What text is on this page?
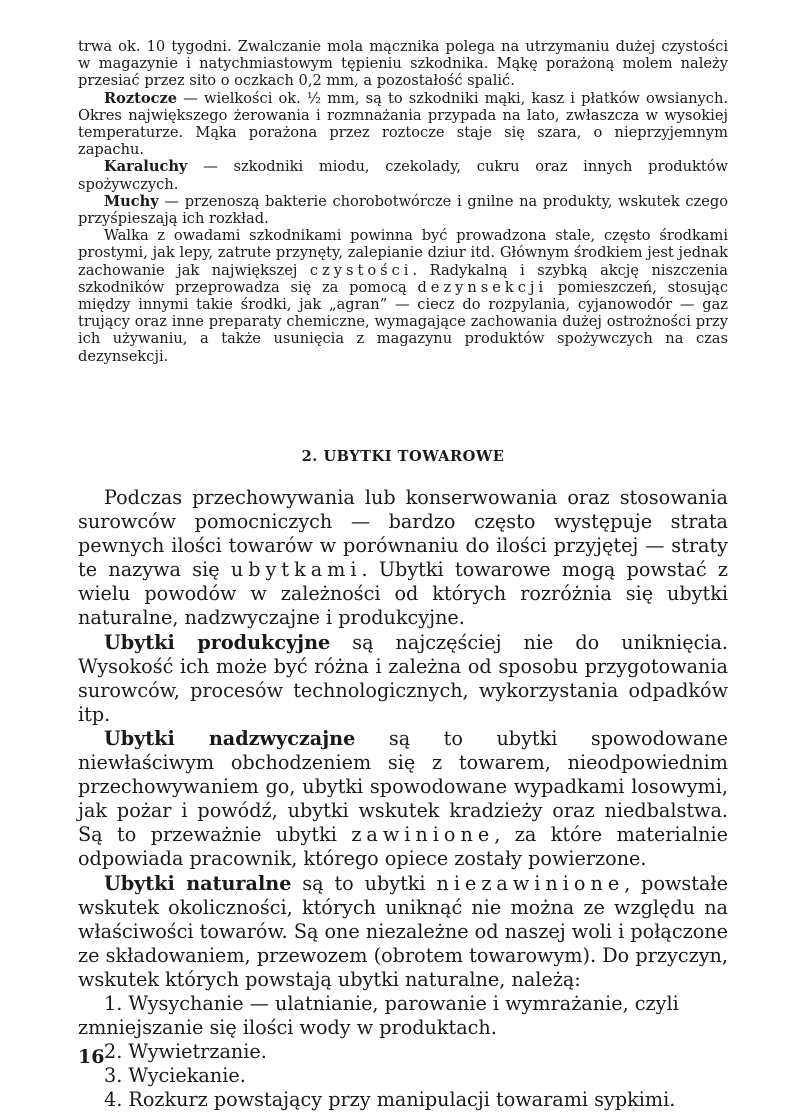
trwa ok. 10 tygodni. Zwalczanie mola mącznika polega na utrzymaniu dużej czystości w magazynie i natychmiastowym tępieniu szkodnika. Mąkę porażoną molem należy przesiać przez sito o oczkach 0,2 mm, a pozostałość spalić.

Roztocze — wielkości ok. ½ mm, są to szkodniki mąki, kasz i płatków owsianych. Okres największego żerowania i rozmnażania przypada na lato, zwłaszcza w wysokiej temperaturze. Mąka porażona przez roztocze staje się szara, o nieprzyjemnym zapachu.

Karaluchy — szkodniki miodu, czekolady, cukru oraz innych produktów spożywczych.

Muchy — przenoszą bakterie chorobotwórcze i gnilne na produkty, wskutek czego przyśpieszają ich rozkład.

Walka z owadami szkodnikami powinna być prowadzona stale, często środkami prostymi, jak lepy, zatrute przynęty, zalepianie dziur itd. Głównym środkiem jest jednak zachowanie jak największej czystości. Radykalną i szybką akcję niszczenia szkodników przeprowadza się za pomocą dezynsekcji pomieszczeń, stosując między innymi takie środki, jak „agran” — ciecz do rozpylania, cyjanowodór — gaz trujący oraz inne preparaty chemiczne, wymagające zachowania dużej ostrożności przy ich używaniu, a także usunięcia z magazynu produktów spożywczych na czas dezynsekcji.

2. UBYTKI TOWAROWE

Podczas przechowywania lub konserwowania oraz stosowania surowców pomocniczych — bardzo często występuje strata pewnych ilości towarów w porównaniu do ilości przyjętej — straty te nazywa się ubytkami. Ubytki towarowe mogą powstać z wielu powodów w zależności od których rozróżnia się ubytki naturalne, nadzwyczajne i produkcyjne.

Ubytki produkcyjne są najczęściej nie do uniknięcia. Wysokość ich może być różna i zależna od sposobu przygotowania surowców, procesów technologicznych, wykorzystania odpadków itp.

Ubytki nadzwyczajne są to ubytki spowodowane niewłaściwym obchodzeniem się z towarem, nieodpowiednim przechowywaniem go, ubytki spowodowane wypadkami losowymi, jak pożar i powódź, ubytki wskutek kradzieży oraz niedbalstwa. Są to przeważnie ubytki zawinione, za które materialnie odpowiada pracownik, którego opiece zostały powierzone.

Ubytki naturalne są to ubytki niezawinione, powstałe wskutek okoliczności, których uniknąć nie można ze względu na właściwości towarów. Są one niezależne od naszej woli i połączone ze składowaniem, przewozem (obrotem towarowym). Do przyczyn, wskutek których powstają ubytki naturalne, należą:

1. Wysychanie — ulatnianie, parowanie i wymrażanie, czyli zmniejszanie się ilości wody w produktach.

2. Wywietrzanie.

3. Wyciekanie.

4. Rozkurz powstający przy manipulacji towarami sypkimi.

16
